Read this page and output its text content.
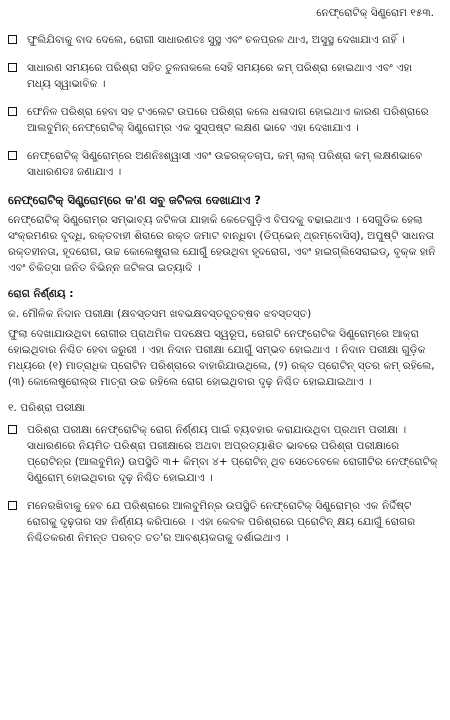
ନେଫ୍ରୋଟିକ୍ ସିଣ୍ଡ୍ରୋମ ୧୫୩.
ଫୁଲିଯିବାକୁ ବାଦ ଦେଲେ, ରୋଗୀ ସାଧାରଣତଃ ସୁସ୍ଥ ଏବଂ ଚଳପ୍ରଳ ଥାଏ, ଅସୁସ୍ଥ ଦେଖାଯାଏ ନାହିଁ ।
ସାଧାରଣ ସମୟରେ ପରିଶ୍ରା ସହିତ ତୁଳନାକଲେ ସେହି ସମୟରେ କମ୍ ପରିଶ୍ରା ହୋଇଥାଏ ଏବଂ ଏହା ମଧ୍ୟ ସ୍ୱାଭାବିକ ।
ଫେନିଳ ପରିଶ୍ରା ହେବା ସହ ଟଏଲେଟ ଉପରେ ପରିଶ୍ରା କଲେ ଧଳାଦାଗ ହୋଇଥାଏ କାରଣ ପରିଶ୍ରାରେ ଆଲବୁମିନ୍ ନେଫ୍ରୋଟିକ୍ ସିଣ୍ଡ୍ରୋମ୍‌ର ଏକ ସୁସ୍ପଷ୍ଟ ଲକ୍ଷଣ ଭାବେ ଏହା ଦେଖାଯାଏ ।
ନେଫ୍ରୋଟିକ୍ ସିଣ୍ଡ୍ରୋମ୍‌ରେ ଅଣନିଃଶ୍ୱାସୀ ଏବଂ ଉଚ୍ଚରକ୍ତଚାପ, କମ୍ ଲାଲ୍ ପରିଶ୍ରା କମ୍ ଲକ୍ଷଣଭାବେ ସାଧାରଣତଃ ଜଣାଯାଏ ।
ନେଫ୍ରୋଟିକ୍ ସିଣ୍ଡ୍ରୋମ୍‌ରେ କ'ଣ ସବୁ ଜଟିଳତା ଦେଖାଯାଏ ?
ନେଫ୍ରୋଟିକ୍ ସିଣ୍ଡ୍ରୋମ୍‌ର ସମ୍ଭାବ୍ୟ ଜଟିଳତା ଯାହାକି କେତେଗୁଡ଼ିଏ ବିପଦକୁ ବଢାଇଥାଏ । ସେଗୁଡିକ ହେଲା ସଂକ୍ରମଣର ବୃଦ୍ଧି, ରକ୍ତବାହୀ ଶିରାରେ ରକ୍ତ ଜମାଟ ବାନ୍ଧିବା (ଡିପ୍‌ଭେନ୍ ଥ୍ରମ୍ବୋସିସ୍), ଅପୁଷ୍ଟି ସାଧନତା ରକ୍ତହୀନତା, ହୃଦରୋଗ, ଉଚ୍ଚ କୋଲେଷ୍ଟ୍ରାଲ ଯୋଗୁଁ ହେଉଥିବା ହୃଦରୋଗ, ଏବଂ ହାଇଗ୍ଲିସେରାଇଡ୍, ବୃକ୍କ ହାନି ଏବଂ ଚିକିତ୍ସା ଜନିତ ବିଭିନ୍ନ ଜଟିଳତା ଇତ୍ୟାଦି ।
ରୋଗ ନିର୍ଣ୍ଣୟ :
କ. ମୌଳିକ ନିଦାନ ପରୀକ୍ଷା (କ୍ଷବସ୍ତସମ ଖବଭକ୍ଷବସ୍ତବ୍ସ୍ତବ୍ଷବ ଝବସ୍ତସ୍ତ)
ଫୁଲା ଦେଖାଯାଉଥିବା ରୋଗୀର ପ୍ରାଥମିକ ପଦକ୍ଷେପ ସ୍ୱରୂପ, ରୋଗଟି ନେଫ୍ରୋଟିକ ସିଣ୍ଡ୍ରୋମ୍‌ରେ ଆକ୍ରା ହୋଇଥିବାର ନିଶ୍ଚିତ ହେବା ଜରୁରୀ । ଏହା ନିଦାନ ପରୀକ୍ଷା ଯୋଗୁଁ ସମ୍ଭବ ହୋଇଥାଏ । ନିଦାନ ପରୀକ୍ଷା ଗୁଡ଼ିକ ମଧ୍ୟରେ (୧) ମାତ୍ରାଧିକ ପ୍ରୋଟିନ ପରିଶ୍ରାରେ ବାହାରିଯାଉଥିଲେ, (୨) ରକ୍ତ ପ୍ରୋଟିନ୍ ସ୍ତର କମ୍ ରହିଲେ, (୩) କୋଲେଷ୍ଟ୍ରୋଲ୍‌ର ମାତ୍ରା ଉଚ୍ଚ ରହିଲେ ରୋଗ ହୋଇଥିବାର ଦୃଢ଼ ନିଶ୍ଚିତ ହୋଇଯାଇଥାଏ ।
୧. ପରିଶ୍ରା ପରୀକ୍ଷା
ପରିଶ୍ରା ପରୀକ୍ଷା ନେଫ୍ରୋଟିକ୍ ରୋଗ ନିର୍ଣ୍ଣୟ ପାଇଁ ବ୍ୟବହାର କରାଯାଉଥିବା ପ୍ରଥମ ପରୀକ୍ଷା । ସାଧାରଣରେ ନିୟମିତ ପରିଶ୍ରା ପରୀକ୍ଷାରେ ଅଥବା ଅପ୍ରତ୍ୟାଶିତ ଭାବରେ ପରିଶ୍ରା ପରୀକ୍ଷାରେ ପ୍ରୋଟିନ୍‌ର (ଆଲବୁମିନ୍) ଉପସ୍ଥିତି ୩+ କିମ୍ବା ୪+ ପ୍ରୋଟିନ୍ ଥିବ ସେତେବେଳେ ରୋଗୀଟିର ନେଫ୍ରୋଟିକ୍ ସିଣ୍ଡ୍ରୋମ୍ ହୋଇଥିବାର ଦୃଢ଼ ନିଶ୍ଚିତ ହୋଇଯାଏ ।
ମନେରଖିବାକୁ ହେବ ଯେ ପରିଶ୍ରାରେ ଆଲବୁମିନ୍‌ର ଉପସ୍ଥିତି ନେଫ୍ରୋଟିକ୍ ସିଣ୍ଡ୍ରୋମ୍‌ର ଏକ ନିର୍ଦ୍ଦିଷ୍ଟ ରୋଗକୁ ଦୃଢ଼ତାର ସହ ନିର୍ଣ୍ଣୟ କରିପାରେ । ଏହା କେବଳ ପରିଶ୍ରାରେ ପ୍ରୋଟିନ୍ କ୍ଷୟ ଯୋଗୁଁ ରୋଗର ନିଶ୍ଚିତକରଣ ନିମନ୍ତ ପରବ୍ତ ତତ'ର ଆବଶ୍ୟକତାକୁ ଦର୍ଶାଇଥାଏ ।
